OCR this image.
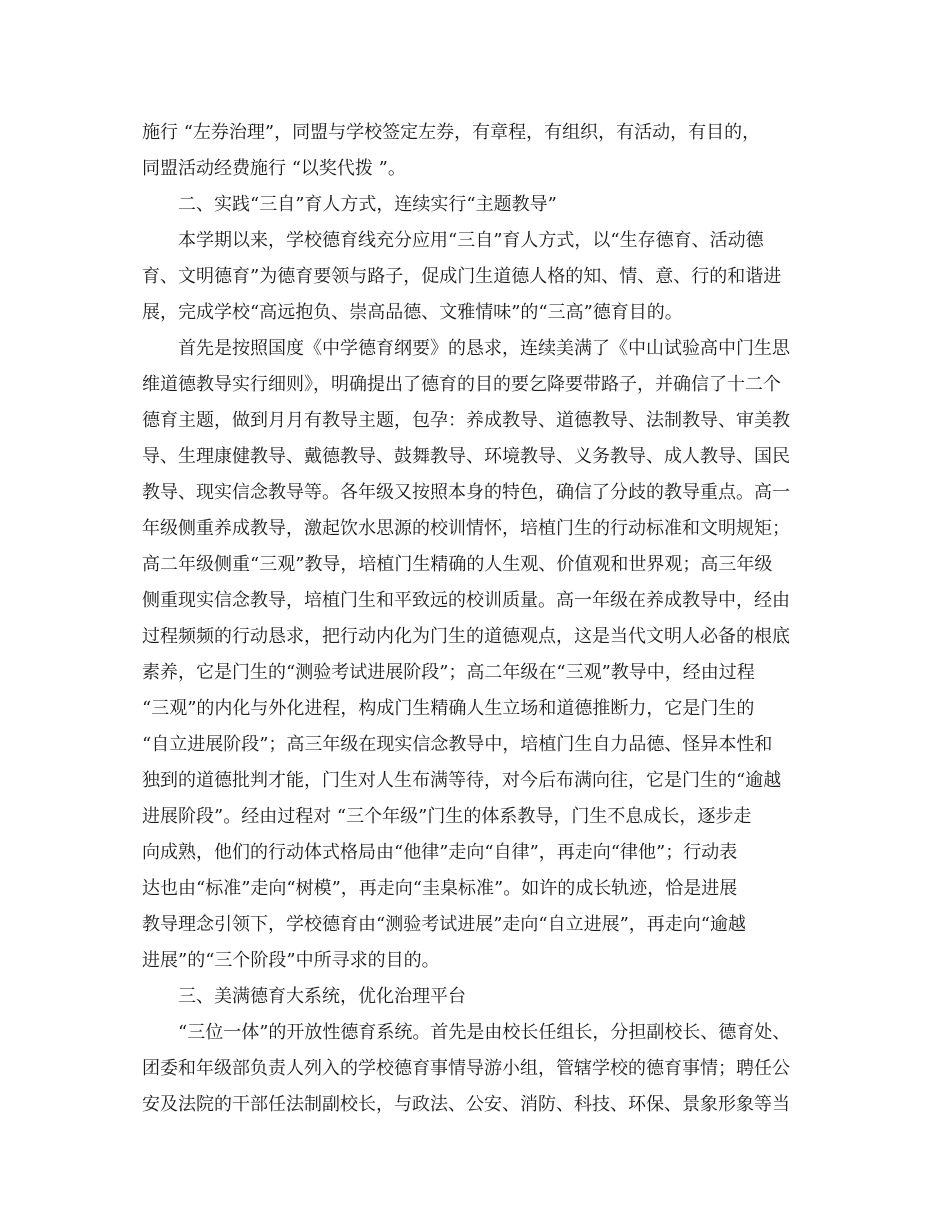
施行 “左券治理”，同盟与学校签定左券，有章程，有组织，有活动，有目的，
同盟活动经费施行 “以奖代拨 ”。
　　二、实践“三自”育人方式，连续实行“主题教导”
　　本学期以来，学校德育线充分应用“三自”育人方式，以“生存德育、活动德
育、文明德育”为德育要领与路子，促成门生道德人格的知、情、意、行的和谐进
展，完成学校“高远抱负、崇高品德、文雅情味”的“三高”德育目的。
　　首先是按照国度《中学德育纲要》的恳求，连续美满了《中山试验高中门生思
维道德教导实行细则》，明确提出了德育的目的要乞降要带路子，并确信了十二个
德育主题，做到月月有教导主题，包孕：养成教导、道德教导、法制教导、审美教
导、生理康健教导、戴德教导、鼓舞教导、环境教导、义务教导、成人教导、国民
教导、现实信念教导等。各年级又按照本身的特色，确信了分歧的教导重点。高一
年级侧重养成教导，激起饮水思源的校训情怀，培植门生的行动标准和文明规矩；
高二年级侧重“三观”教导，培植门生精确的人生观、价值观和世界观；高三年级
侧重现实信念教导，培植门生和平致远的校训质量。高一年级在养成教导中，经由
过程频频的行动恳求，把行动内化为门生的道德观点，这是当代文明人必备的根底
素养，它是门生的“测验考试进展阶段”；高二年级在“三观”教导中，经由过程
“三观”的内化与外化进程，构成门生精确人生立场和道德推断力，它是门生的
“自立进展阶段”；高三年级在现实信念教导中，培植门生自力品德、怪异本性和
独到的道德批判才能，门生对人生布满等待，对今后布满向往，它是门生的“逾越
进展阶段”。经由过程对 “三个年级”门生的体系教导，门生不息成长，逐步走
向成熟，他们的行动体式格局由“他律”走向“自律”，再走向“律他”；行动表
达也由“标准”走向“树模”，再走向“圭臬标准”。如许的成长轨迹，恰是进展
教导理念引领下，学校德育由“测验考试进展”走向“自立进展”，再走向“逾越
进展”的“三个阶段”中所寻求的目的。
　　三、美满德育大系统，优化治理平台
　　“三位一体”的开放性德育系统。首先是由校长任组长，分担副校长、德育处、
团委和年级部负责人列入的学校德育事情导游小组，管辖学校的德育事情；聘任公
安及法院的干部任法制副校长，与政法、公安、消防、科技、环保、景象形象等当
